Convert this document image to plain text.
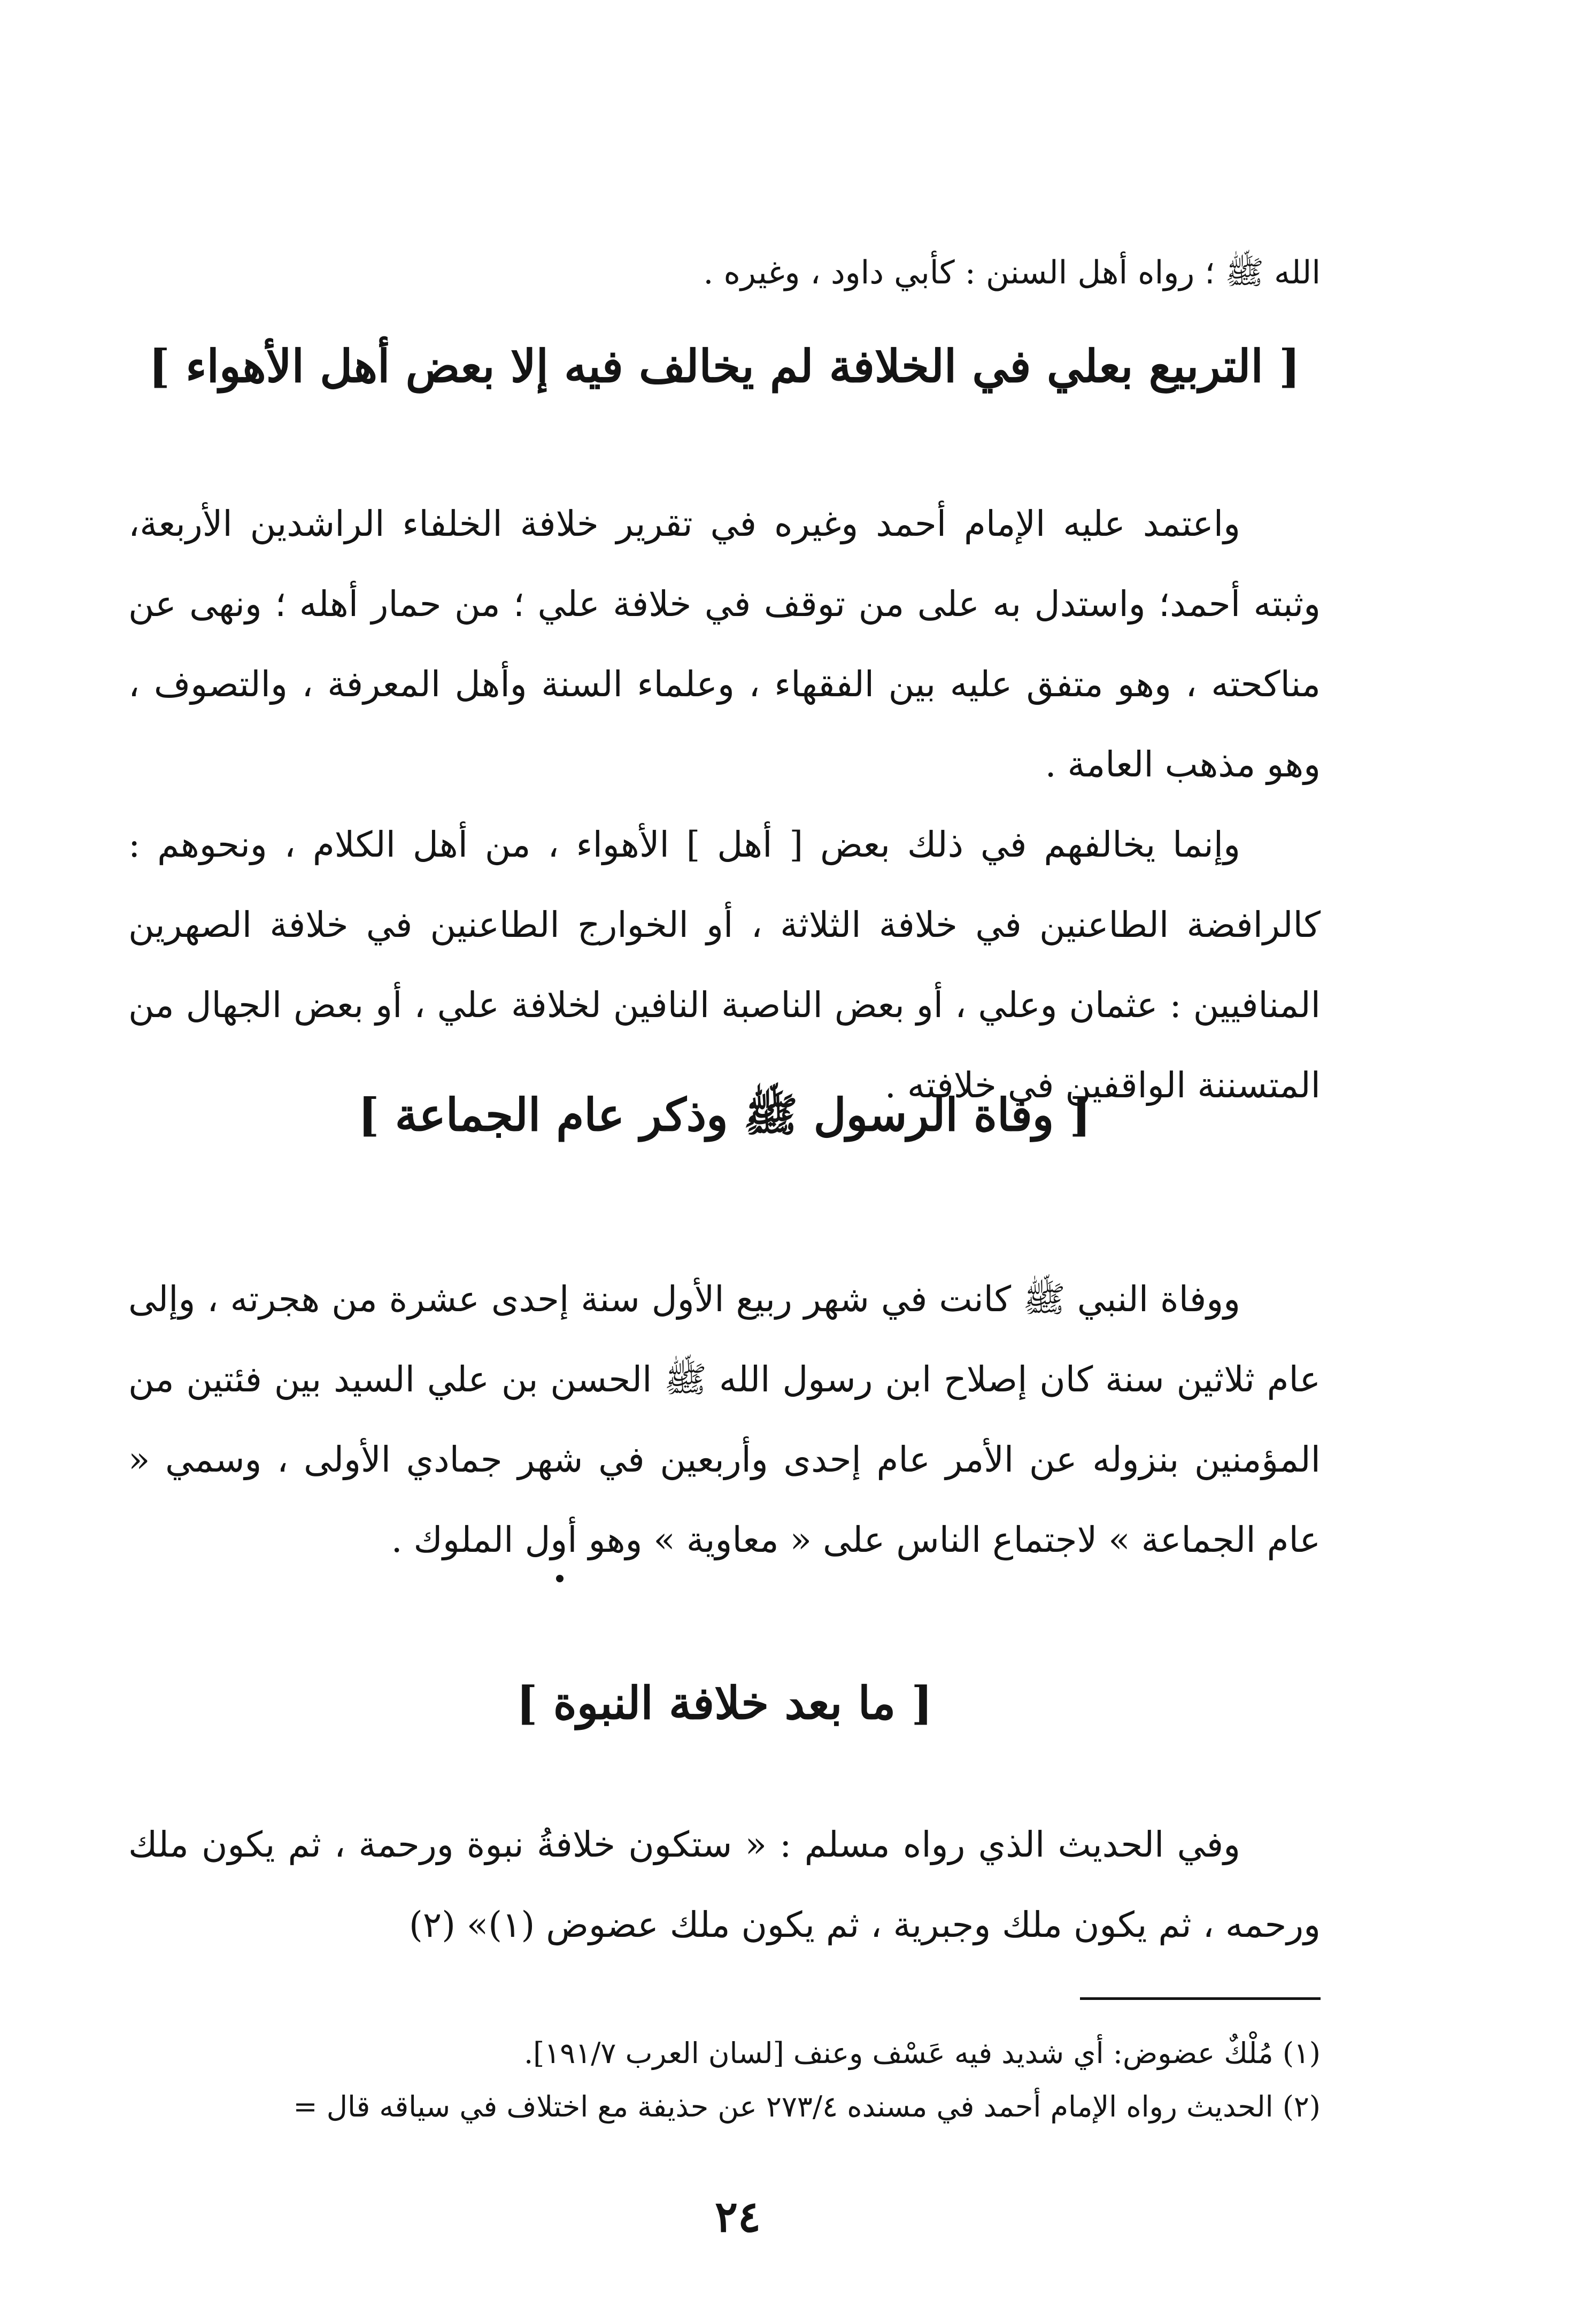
الله ﷺ ؛ رواه أهل السنن : كأبي داود ، وغيره .
[ التربيع بعلي في الخلافة لم يخالف فيه إلا بعض أهل الأهواء ]

واعتمد عليه الإمام أحمد وغيره في تقرير خلافة الخلفاء الراشدين الأربعة، وثبته أحمد؛ واستدل به على من توقف في خلافة علي ؛ من حمار أهله ؛ ونهى عن مناكحته ، وهو متفق عليه بين الفقهاء ، وعلماء السنة وأهل المعرفة ، والتصوف ، وهو مذهب العامة .

وإنما يخالفهم في ذلك بعض [ أهل ] الأهواء ، من أهل الكلام ، ونحوهم : كالرافضة الطاعنين في خلافة الثلاثة ، أو الخوارج الطاعنين في خلافة الصهرين المنافيين : عثمان وعلي ، أو بعض الناصبة النافين لخلافة علي ، أو بعض الجهال من المتسننة الواقفين في خلافته .

[ وفاة الرسول ﷺ وذكر عام الجماعة ]

ووفاة النبي ﷺ كانت في شهر ربيع الأول سنة إحدى عشرة من هجرته ، وإلى عام ثلاثين سنة كان إصلاح ابن رسول الله ﷺ الحسن بن علي السيد بين فئتين من المؤمنين بنزوله عن الأمر عام إحدى وأربعين في شهر جمادي الأولى ، وسمي « عام الجماعة » لاجتماع الناس على « معاوية » وهو أول الملوك .

[ ما بعد خلافة النبوة ]

وفي الحديث الذي رواه مسلم : « ستكون خلافةُ نبوة ورحمة ، ثم يكون ملك ورحمه ، ثم يكون ملك وجبرية ، ثم يكون ملك عضوض (١)» (٢)

(١) مُلْكٌ عضوض: أي شديد فيه عَسْف وعنف [لسان العرب ١٩١/٧].
(٢) الحديث رواه الإمام أحمد في مسنده ٢٧٣/٤ عن حذيفة مع اختلاف في سياقه قال =
٢٤
